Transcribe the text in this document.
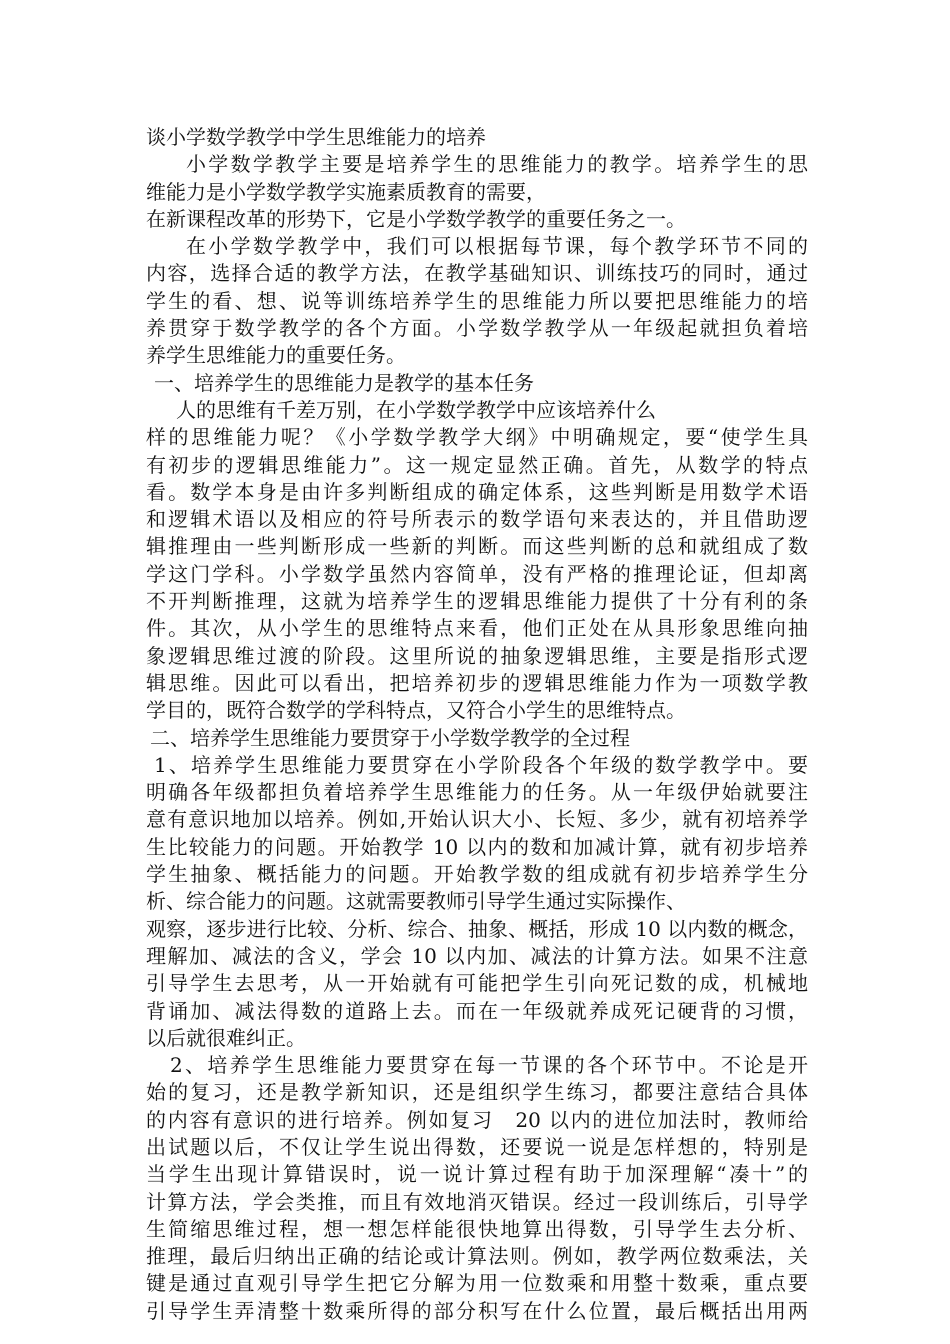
谈小学数学教学中学生思维能力的培养
小学数学教学主要是培养学生的思维能力的教学。培养学生的思
维能力是小学数学教学实施素质教育的需要，
在新课程改革的形势下，它是小学数学教学的重要任务之一。
在小学数学教学中，我们可以根据每节课，每个教学环节不同的
内容，选择合适的教学方法，在教学基础知识、训练技巧的同时，通过
学生的看、想、说等训练培养学生的思维能力所以要把思维能力的培
养贯穿于数学教学的各个方面。小学数学教学从一年级起就担负着培
养学生思维能力的重要任务。
一、培养学生的思维能力是教学的基本任务
人的思维有千差万别，在小学数学教学中应该培养什么
样的思维能力呢？《小学数学教学大纲》中明确规定，要“使学生具
有初步的逻辑思维能力”。这一规定显然正确。首先，从数学的特点
看。数学本身是由许多判断组成的确定体系，这些判断是用数学术语
和逻辑术语以及相应的符号所表示的数学语句来表达的，并且借助逻
辑推理由一些判断形成一些新的判断。而这些判断的总和就组成了数
学这门学科。小学数学虽然内容简单，没有严格的推理论证，但却离
不开判断推理，这就为培养学生的逻辑思维能力提供了十分有利的条
件。其次，从小学生的思维特点来看，他们正处在从具形象思维向抽
象逻辑思维过渡的阶段。这里所说的抽象逻辑思维，主要是指形式逻
辑思维。因此可以看出，把培养初步的逻辑思维能力作为一项数学教
学目的，既符合数学的学科特点，又符合小学生的思维特点。
二、培养学生思维能力要贯穿于小学数学教学的全过程
1、培养学生思维能力要贯穿在小学阶段各个年级的数学教学中。要
明确各年级都担负着培养学生思维能力的任务。从一年级伊始就要注
意有意识地加以培养。例如,开始认识大小、长短、多少，就有初培养学
生比较能力的问题。开始教学 10 以内的数和加减计算，就有初步培养
学生抽象、概括能力的问题。开始教学数的组成就有初步培养学生分
析、综合能力的问题。这就需要教师引导学生通过实际操作、
观察，逐步进行比较、分析、综合、抽象、概括，形成 10 以内数的概念，
理解加、减法的含义，学会 10 以内加、减法的计算方法。如果不注意
引导学生去思考，从一开始就有可能把学生引向死记数的成，机械地
背诵加、减法得数的道路上去。而在一年级就养成死记硬背的习惯，
以后就很难纠正。
2、培养学生思维能力要贯穿在每一节课的各个环节中。不论是开
始的复习，还是教学新知识，还是组织学生练习，都要注意结合具体
的内容有意识的进行培养。例如复习　20 以内的进位加法时，教师给
出试题以后，不仅让学生说出得数，还要说一说是怎样想的，特别是
当学生出现计算错误时，说一说计算过程有助于加深理解“凑十”的
计算方法，学会类推，而且有效地消灭错误。经过一段训练后，引导学
生简缩思维过程，想一想怎样能很快地算出得数，引导学生去分析、
推理，最后归纳出正确的结论或计算法则。例如，教学两位数乘法，关
键是通过直观引导学生把它分解为用一位数乘和用整十数乘，重点要
引导学生弄清整十数乘所得的部分积写在什么位置，最后概括出用两
